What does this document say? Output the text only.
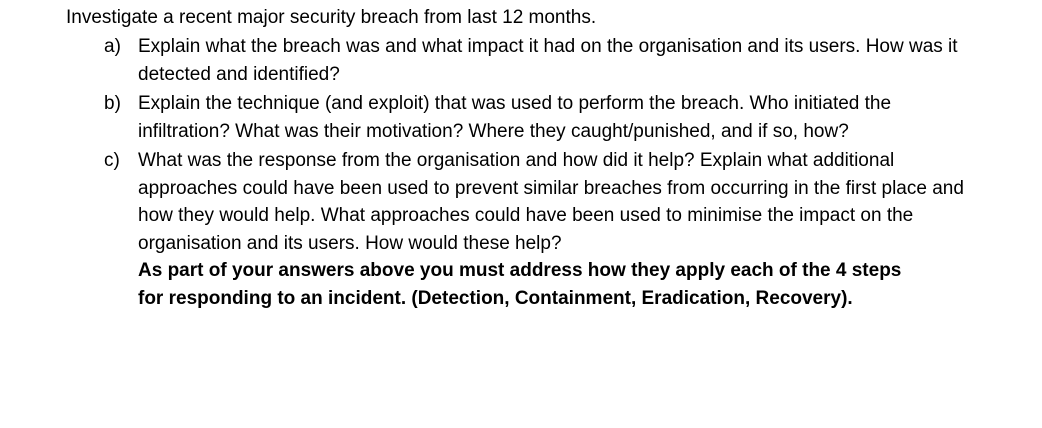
Investigate a recent major security breach from last 12 months.

a) Explain what the breach was and what impact it had on the organisation and its users. How was it detected and identified?
b) Explain the technique (and exploit) that was used to perform the breach. Who initiated the infiltration? What was their motivation? Where they caught/punished, and if so, how?
c) What was the response from the organisation and how did it help? Explain what additional approaches could have been used to prevent similar breaches from occurring in the first place and how they would help. What approaches could have been used to minimise the impact on the organisation and its users. How would these help?
As part of your answers above you must address how they apply each of the 4 steps for responding to an incident. (Detection, Containment, Eradication, Recovery).
